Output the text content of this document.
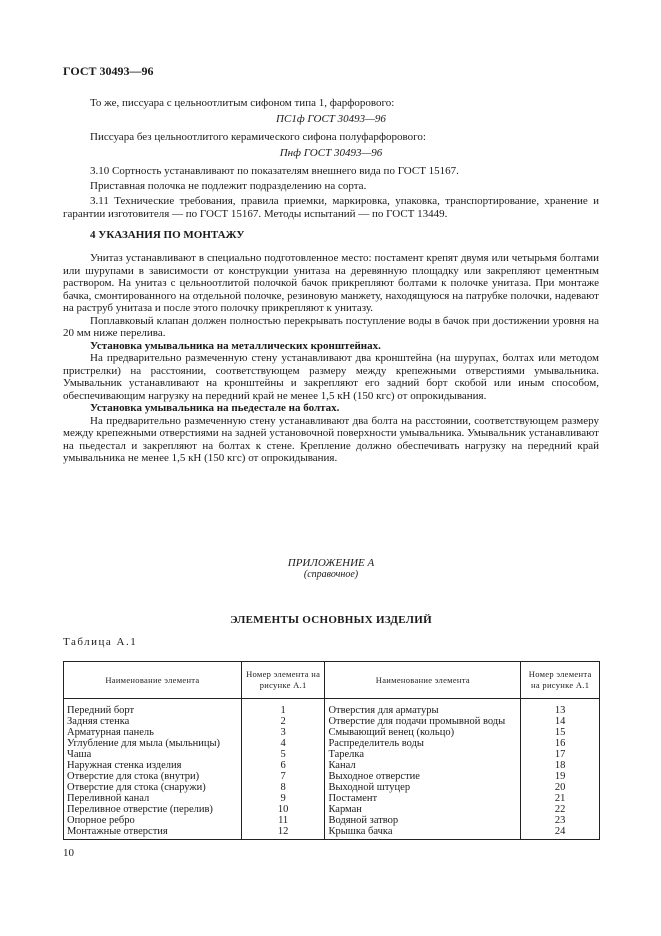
ГОСТ 30493—96
То же, писсуара с цельноотлитым сифоном типа 1, фарфорового:
ПС1ф ГОСТ 30493—96
Писсуара без цельноотлитого керамического сифона полуфарфорового:
Пнф ГОСТ 30493—96
3.10 Сортность устанавливают по показателям внешнего вида по ГОСТ 15167.
Приставная полочка не подлежит подразделению на сорта.

3.11 Технические требования, правила приемки, маркировка, упаковка, транспортирование, хранение и гарантии изготовителя — по ГОСТ 15167. Методы испытаний — по ГОСТ 13449.

4 УКАЗАНИЯ ПО МОНТАЖУ

Унитаз устанавливают в специально подготовленное место: постамент крепят двумя или четырьмя болтами или шурупами в зависимости от конструкции унитаза на деревянную площадку или закрепляют цементным раствором. На унитаз с цельноотлитой полочкой бачок прикрепляют болтами к полочке унитаза. При монтаже бачка, смонтированного на отдельной полочке, резиновую манжету, находящуюся на патрубке полочки, надевают на раструб унитаза и после этого полочку прикрепляют к унитазу.

Поплавковый клапан должен полностью перекрывать поступление воды в бачок при достижении уровня на 20 мм ниже перелива.

Установка умывальника на металлических кронштейнах.

На предварительно размеченную стену устанавливают два кронштейна (на шурупах, болтах или методом пристрелки) на расстоянии, соответствующем размеру между крепежными отверстиями умывальника. Умывальник устанавливают на кронштейны и закрепляют его задний борт скобой или иным способом, обеспечивающим нагрузку на передний край не менее 1,5 кН (150 кгс) от опрокидывания.

Установка умывальника на пьедестале на болтах.

На предварительно размеченную стену устанавливают два болта на расстоянии, соответствующем размеру между крепежными отверстиями на задней установочной поверхности умывальника. Умывальник устанавливают на пьедестал и закрепляют на болтах к стене. Крепление должно обеспечивать нагрузку на передний край умывальника не менее 1,5 кН (150 кгс) от опрокидывания.

ПРИЛОЖЕНИЕ А
(справочное)
ЭЛЕМЕНТЫ ОСНОВНЫХ ИЗДЕЛИЙ
Таблица А.1
Наименование элемента	Номер элемента на рисунке А.1	Наименование элемента	Номер элемента на рисунке А.1
Передний борт	1	Отверстия для арматуры	13
Задняя стенка	2	Отверстие для подачи промывной воды	14
Арматурная панель	3	Смывающий венец (кольцо)	15
Углубление для мыла (мыльницы)	4	Распределитель воды	16
Чаша	5	Тарелка	17
Наружная стенка изделия	6	Канал	18
Отверстие для стока (внутри)	7	Выходное отверстие	19
Отверстие для стока (снаружи)	8	Выходной штуцер	20
Переливной канал	9	Постамент	21
Переливное отверстие (перелив)	10	Карман	22
Опорное ребро	11	Водяной затвор	23
Монтажные отверстия	12	Крышка бачка	24
10
